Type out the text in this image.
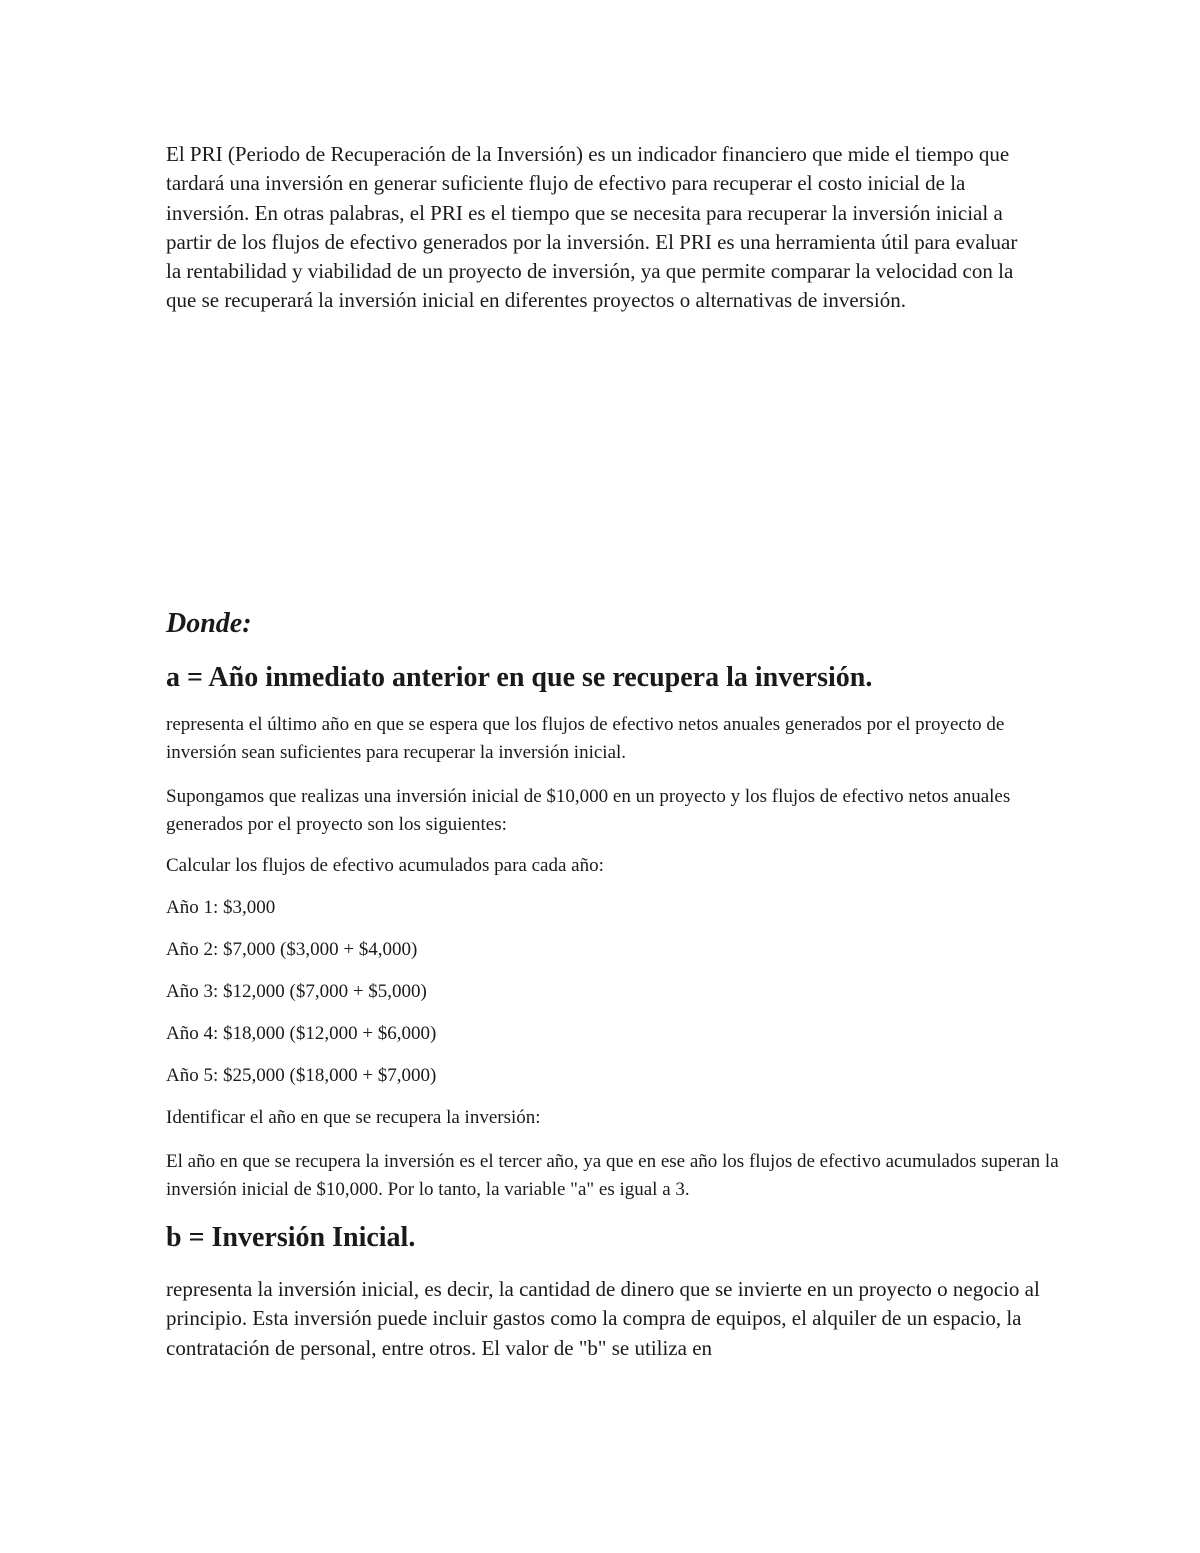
El PRI (Periodo de Recuperación de la Inversión) es un indicador financiero que mide el tiempo que tardará una inversión en generar suficiente flujo de efectivo para recuperar el costo inicial de la inversión. En otras palabras, el PRI es el tiempo que se necesita para recuperar la inversión inicial a partir de los flujos de efectivo generados por la inversión. El PRI es una herramienta útil para evaluar la rentabilidad y viabilidad de un proyecto de inversión, ya que permite comparar la velocidad con la que se recuperará la inversión inicial en diferentes proyectos o alternativas de inversión.

Donde:
a = Año inmediato anterior en que se recupera la inversión.

representa el último año en que se espera que los flujos de efectivo netos anuales generados por el proyecto de inversión sean suficientes para recuperar la inversión inicial.

Supongamos que realizas una inversión inicial de $10,000 en un proyecto y los flujos de efectivo netos anuales generados por el proyecto son los siguientes:

Calcular los flujos de efectivo acumulados para cada año:

Año 1: $3,000

Año 2: $7,000 ($3,000 + $4,000)

Año 3: $12,000 ($7,000 + $5,000)

Año 4: $18,000 ($12,000 + $6,000)

Año 5: $25,000 ($18,000 + $7,000)

Identificar el año en que se recupera la inversión:

El año en que se recupera la inversión es el tercer año, ya que en ese año los flujos de efectivo acumulados superan la inversión inicial de $10,000. Por lo tanto, la variable "a" es igual a 3.

b = Inversión Inicial.

representa la inversión inicial, es decir, la cantidad de dinero que se invierte en un proyecto o negocio al principio. Esta inversión puede incluir gastos como la compra de equipos, el alquiler de un espacio, la contratación de personal, entre otros. El valor de "b" se utiliza en
